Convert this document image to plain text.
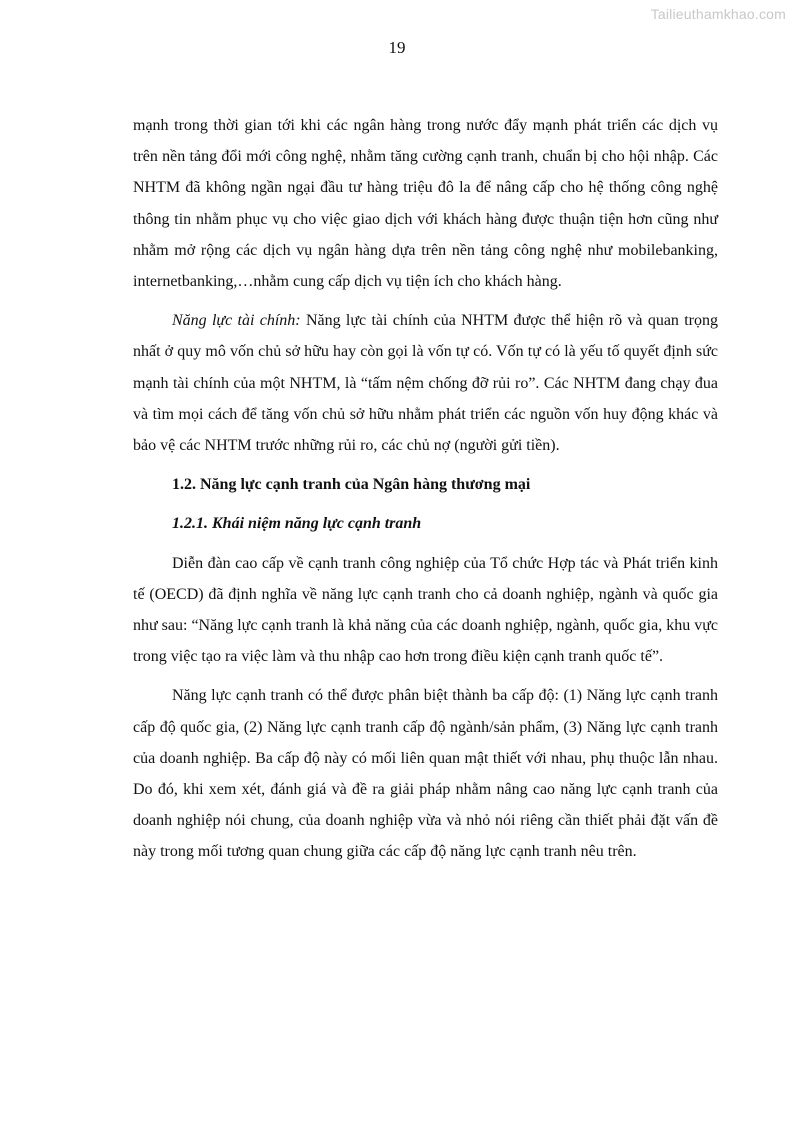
Tailieuthamkhao.com
19

mạnh trong thời gian tới khi các ngân hàng trong nước đẩy mạnh phát triển các dịch vụ trên nền tảng đổi mới công nghệ, nhằm tăng cường cạnh tranh, chuẩn bị cho hội nhập. Các NHTM đã không ngần ngại đầu tư hàng triệu đô la để nâng cấp cho hệ thống công nghệ thông tin nhằm phục vụ cho việc giao dịch với khách hàng được thuận tiện hơn cũng như nhằm mở rộng các dịch vụ ngân hàng dựa trên nền tảng công nghệ như mobilebanking, internetbanking,…nhằm cung cấp dịch vụ tiện ích cho khách hàng.

Năng lực tài chính: Năng lực tài chính của NHTM được thể hiện rõ và quan trọng nhất ở quy mô vốn chủ sở hữu hay còn gọi là vốn tự có. Vốn tự có là yếu tố quyết định sức mạnh tài chính của một NHTM, là “tấm nệm chống đỡ rủi ro”. Các NHTM đang chạy đua và tìm mọi cách để tăng vốn chủ sở hữu nhằm phát triển các nguồn vốn huy động khác và bảo vệ các NHTM trước những rủi ro, các chủ nợ (người gửi tiền).

1.2. Năng lực cạnh tranh của Ngân hàng thương mại
1.2.1. Khái niệm năng lực cạnh tranh

Diễn đàn cao cấp về cạnh tranh công nghiệp của Tổ chức Hợp tác và Phát triển kinh tế (OECD) đã định nghĩa về năng lực cạnh tranh cho cả doanh nghiệp, ngành và quốc gia như sau: “Năng lực cạnh tranh là khả năng của các doanh nghiệp, ngành, quốc gia, khu vực trong việc tạo ra việc làm và thu nhập cao hơn trong điều kiện cạnh tranh quốc tế”.

Năng lực cạnh tranh có thể được phân biệt thành ba cấp độ: (1) Năng lực cạnh tranh cấp độ quốc gia, (2) Năng lực cạnh tranh cấp độ ngành/sản phẩm, (3) Năng lực cạnh tranh của doanh nghiệp. Ba cấp độ này có mối liên quan mật thiết với nhau, phụ thuộc lẫn nhau. Do đó, khi xem xét, đánh giá và đề ra giải pháp nhằm nâng cao năng lực cạnh tranh của doanh nghiệp nói chung, của doanh nghiệp vừa và nhỏ nói riêng cần thiết phải đặt vấn đề này trong mối tương quan chung giữa các cấp độ năng lực cạnh tranh nêu trên.
